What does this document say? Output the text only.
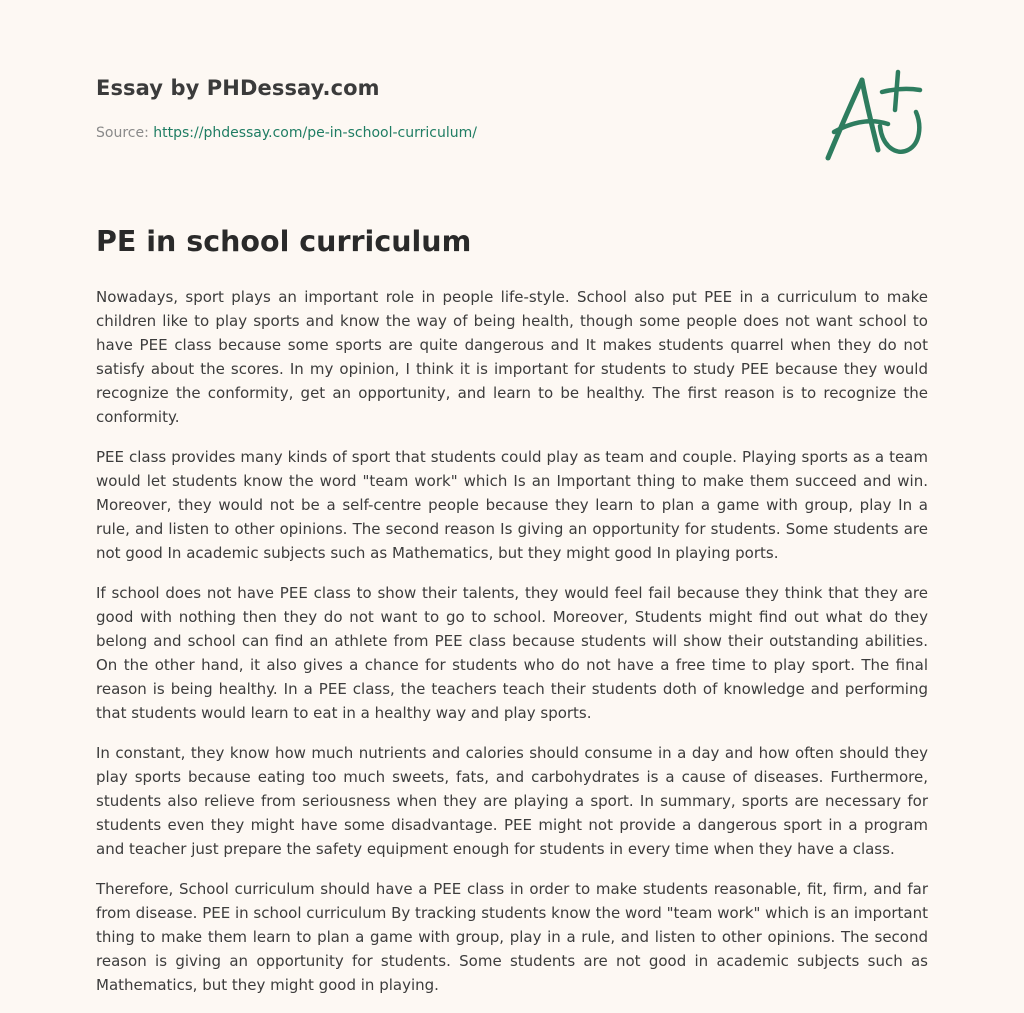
Essay by PHDessay.com
Source: https://phdessay.com/pe-in-school-curriculum/
PE in school curriculum

Nowadays, sport plays an important role in people life-style. School also put PEE in a curriculum to make children like to play sports and know the way of being health, though some people does not want school to have PEE class because some sports are quite dangerous and It makes students quarrel when they do not satisfy about the scores. In my opinion, I think it is important for students to study PEE because they would recognize the conformity, get an opportunity, and learn to be healthy. The first reason is to recognize the conformity.

PEE class provides many kinds of sport that students could play as team and couple. Playing sports as a team would let students know the word "team work" which Is an Important thing to make them succeed and win. Moreover, they would not be a self-centre people because they learn to plan a game with group, play In a rule, and listen to other opinions. The second reason Is giving an opportunity for students. Some students are not good In academic subjects such as Mathematics, but they might good In playing ports.

If school does not have PEE class to show their talents, they would feel fail because they think that they are good with nothing then they do not want to go to school. Moreover, Students might find out what do they belong and school can find an athlete from PEE class because students will show their outstanding abilities. On the other hand, it also gives a chance for students who do not have a free time to play sport. The final reason is being healthy. In a PEE class, the teachers teach their students doth of knowledge and performing that students would learn to eat in a healthy way and play sports.

In constant, they know how much nutrients and calories should consume in a day and how often should they play sports because eating too much sweets, fats, and carbohydrates is a cause of diseases. Furthermore, students also relieve from seriousness when they are playing a sport. In summary, sports are necessary for students even they might have some disadvantage. PEE might not provide a dangerous sport in a program and teacher just prepare the safety equipment enough for students in every time when they have a class.

Therefore, School curriculum should have a PEE class in order to make students reasonable, fit, firm, and far from disease. PEE in school curriculum By tracking students know the word "team work" which is an important thing to make them learn to plan a game with group, play in a rule, and listen to other opinions. The second reason is giving an opportunity for students. Some students are not good in academic subjects such as Mathematics, but they might good in playing.
